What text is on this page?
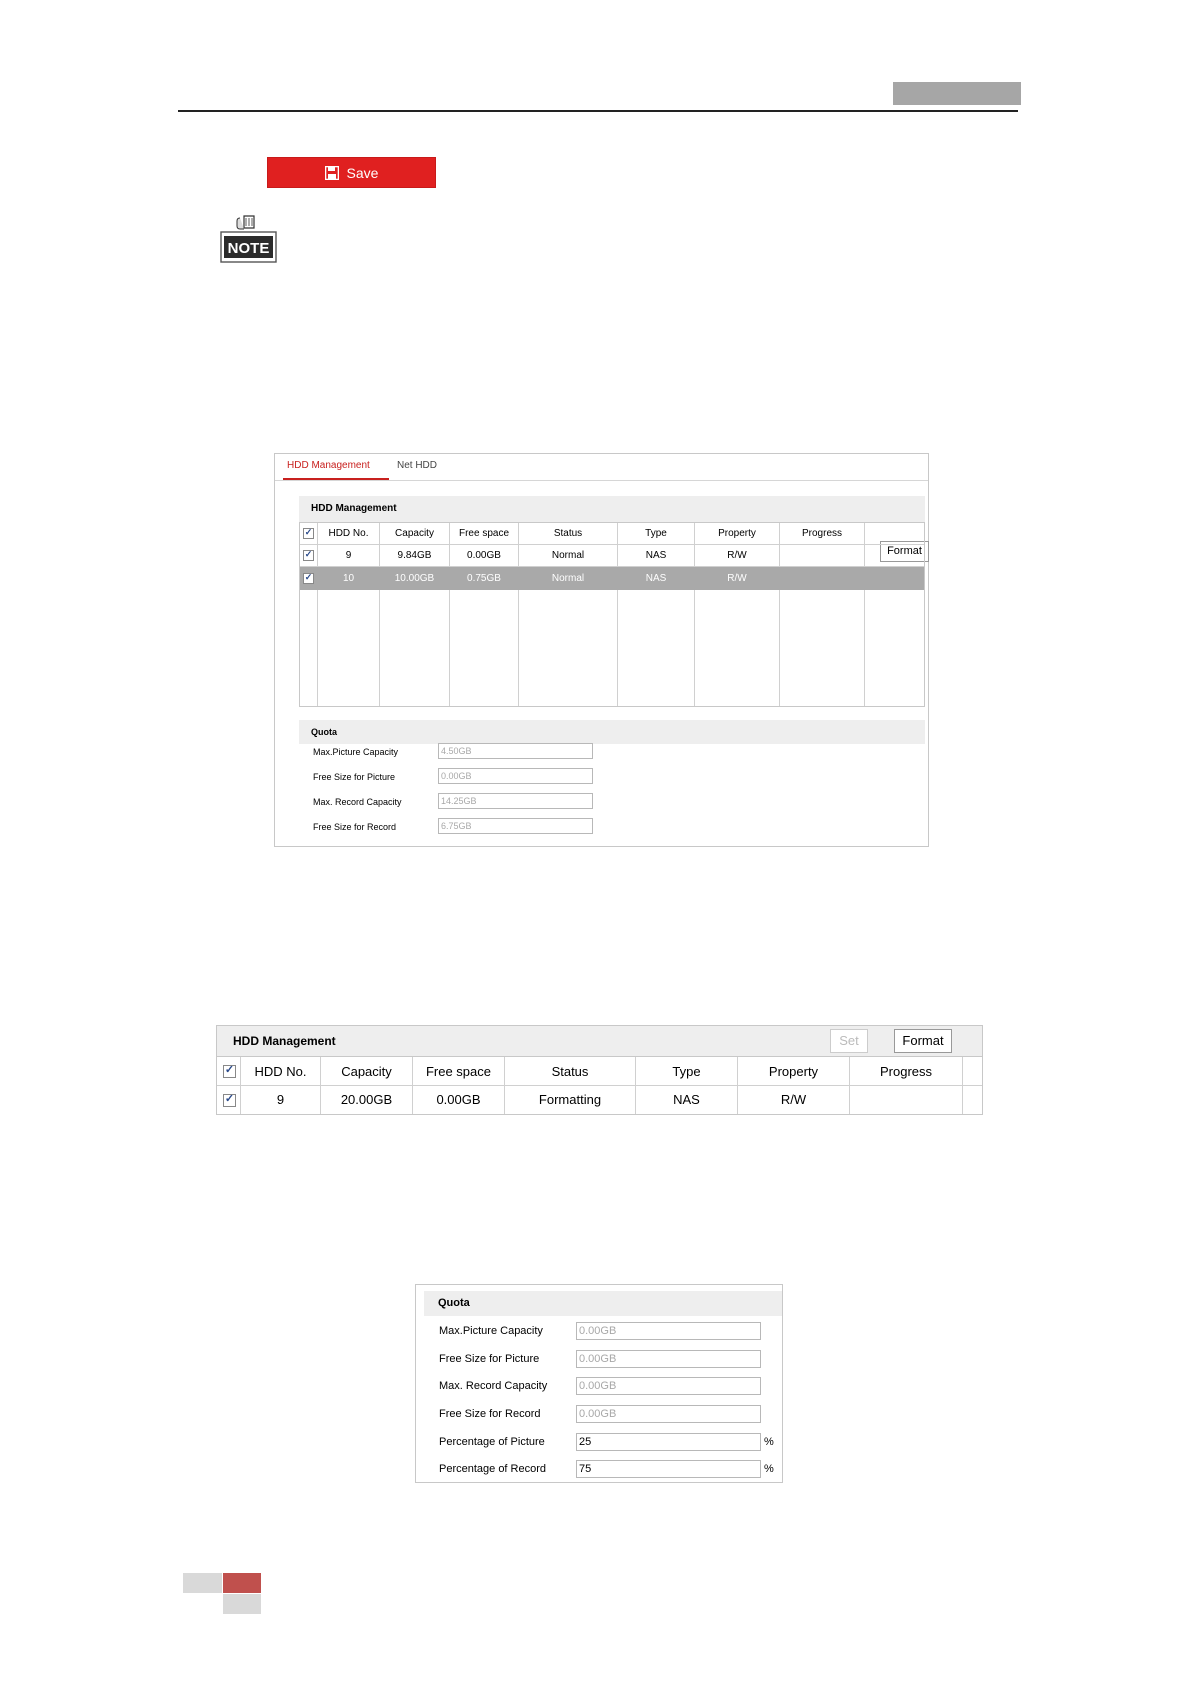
Save
NOTE
HDD Management	Net HDD
HDD Management
Format
✓
HDD No.	Capacity	Free space	Status	Type	Property	Progress
✓
9	9.84GB	0.00GB	Normal	NAS	R/W
✓
10	10.00GB	0.75GB	Normal	NAS	R/W
Quota
Max.Picture Capacity	4.50GB
Free Size for Picture	0.00GB
Max. Record Capacity	14.25GB
Free Size for Record	6.75GB
HDD Management	Set	Format
✓
HDD No.	Capacity	Free space	Status	Type	Property	Progress
✓
9	20.00GB	0.00GB	Formatting	NAS	R/W
Quota
Max.Picture Capacity	0.00GB
Free Size for Picture	0.00GB
Max. Record Capacity	0.00GB
Free Size for Record	0.00GB
Percentage of Picture	25	%
Percentage of Record	75	%
